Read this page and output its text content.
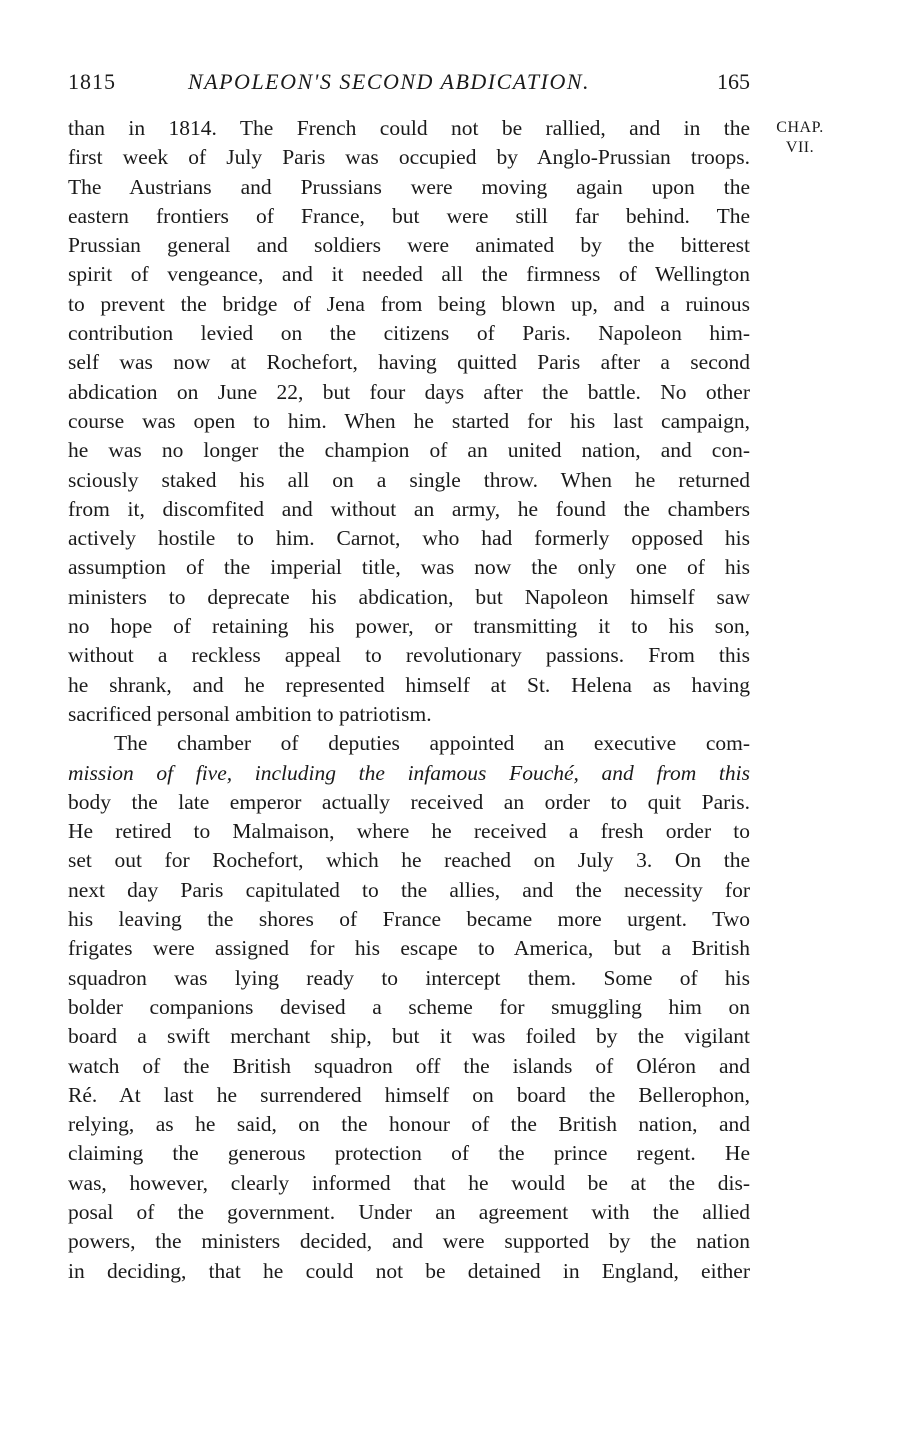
1815	NAPOLEON'S SECOND ABDICATION.	165
CHAP.
VII.
than in 1814. The French could not be rallied, and in the
first week of July Paris was occupied by Anglo-Prussian troops.
The Austrians and Prussians were moving again upon the
eastern frontiers of France, but were still far behind. The
Prussian general and soldiers were animated by the bitterest
spirit of vengeance, and it needed all the firmness of Wellington
to prevent the bridge of Jena from being blown up, and a ruinous
contribution levied on the citizens of Paris. Napoleon him-
self was now at Rochefort, having quitted Paris after a second
abdication on June 22, but four days after the battle. No other
course was open to him. When he started for his last campaign,
he was no longer the champion of an united nation, and con-
sciously staked his all on a single throw. When he returned
from it, discomfited and without an army, he found the chambers
actively hostile to him. Carnot, who had formerly opposed his
assumption of the imperial title, was now the only one of his
ministers to deprecate his abdication, but Napoleon himself saw
no hope of retaining his power, or transmitting it to his son,
without a reckless appeal to revolutionary passions. From this
he shrank, and he represented himself at St. Helena as having
sacrificed personal ambition to patriotism.
The chamber of deputies appointed an executive com-
mission of five, including the infamous Fouché, and from this
body the late emperor actually received an order to quit Paris.
He retired to Malmaison, where he received a fresh order to
set out for Rochefort, which he reached on July 3. On the
next day Paris capitulated to the allies, and the necessity for
his leaving the shores of France became more urgent. Two
frigates were assigned for his escape to America, but a British
squadron was lying ready to intercept them. Some of his
bolder companions devised a scheme for smuggling him on
board a swift merchant ship, but it was foiled by the vigilant
watch of the British squadron off the islands of Oléron and
Ré. At last he surrendered himself on board the Bellerophon,
relying, as he said, on the honour of the British nation, and
claiming the generous protection of the prince regent. He
was, however, clearly informed that he would be at the dis-
posal of the government. Under an agreement with the allied
powers, the ministers decided, and were supported by the nation
in deciding, that he could not be detained in England, either
